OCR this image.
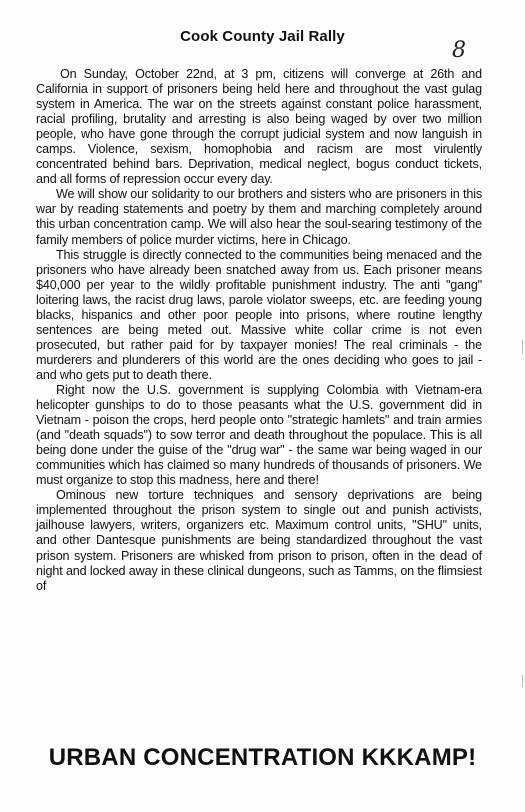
Cook County Jail Rally
8

On Sunday, October 22nd, at 3 pm, citizens will converge at 26th and California in support of prisoners being held here and throughout the vast gulag system in America. The war on the streets against constant police harassment, racial profiling, brutality and arresting is also being waged by over two million people, who have gone through the corrupt judicial system and now languish in camps. Violence, sexism, homophobia and racism are most virulently concentrated behind bars. Deprivation, medical neglect, bogus conduct tickets, and all forms of repression occur every day.

We will show our solidarity to our brothers and sisters who are prisoners in this war by reading statements and poetry by them and marching completely around this urban concentration camp. We will also hear the soul-searing testimony of the family members of police murder victims, here in Chicago.

This struggle is directly connected to the communities being menaced and the prisoners who have already been snatched away from us. Each prisoner means $40,000 per year to the wildly profitable punishment industry. The anti "gang" loitering laws, the racist drug laws, parole violator sweeps, etc. are feeding young blacks, hispanics and other poor people into prisons, where routine lengthy sentences are being meted out. Massive white collar crime is not even prosecuted, but rather paid for by taxpayer monies! The real criminals - the murderers and plunderers of this world are the ones deciding who goes to jail - and who gets put to death there.

Right now the U.S. government is supplying Colombia with Vietnam-era helicopter gunships to do to those peasants what the U.S. government did in Vietnam - poison the crops, herd people onto "strategic hamlets" and train armies (and "death squads") to sow terror and death throughout the populace. This is all being done under the guise of the "drug war" - the same war being waged in our communities which has claimed so many hundreds of thousands of prisoners. We must organize to stop this madness, here and there!

Ominous new torture techniques and sensory deprivations are being implemented throughout the prison system to single out and punish activists, jailhouse lawyers, writers, organizers etc. Maximum control units, "SHU" units, and other Dantesque punishments are being standardized throughout the vast prison system. Prisoners are whisked from prison to prison, often in the dead of night and locked away in these clinical dungeons, such as Tamms, on the flimsiest of

URBAN CONCENTRATION KKKAMP!
